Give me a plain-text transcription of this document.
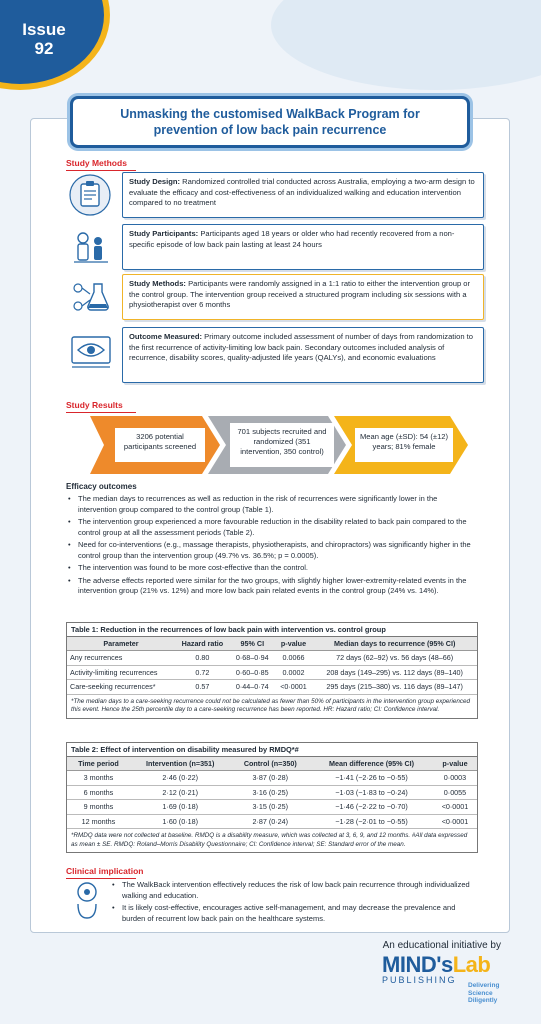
Issue
92
Unmasking the customised WalkBack Program for prevention of low back pain recurrence
Study Methods
Study Design: Randomized controlled trial conducted across Australia, employing a two-arm design to evaluate the efficacy and cost-effectiveness of an individualized walking and education intervention compared to no treatment
Study Participants: Participants aged 18 years or older who had recently recovered from a non-specific episode of low back pain lasting at least 24 hours
Study Methods: Participants were randomly assigned in a 1:1 ratio to either the intervention group or the control group. The intervention group received a structured program including six sessions with a physiotherapist over 6 months
Outcome Measured: Primary outcome included assessment of number of days from randomization to the first recurrence of activity-limiting low back pain. Secondary outcomes included analysis of recurrence, disability scores, quality-adjusted life years (QALYs), and economic evaluations
Study Results
3206 potential participants screened
701 subjects recruited and randomized (351 intervention, 350 control)
Mean age (±SD): 54 (±12) years; 81% female
Efficacy outcomes
• The median days to recurrences as well as reduction in the risk of recurrences were significantly lower in the intervention group compared to the control group (Table 1).
• The intervention group experienced a more favourable reduction in the disability related to back pain compared to the control group at all the assessment periods (Table 2).
• Need for co-interventions (e.g., massage therapists, physiotherapists, and chiropractors) was significantly higher in the control group than the intervention group (49.7% vs. 36.5%; p = 0.0005).
• The intervention was found to be more cost-effective than the control.
• The adverse effects reported were similar for the two groups, with slightly higher lower-extremity-related events in the intervention group (21% vs. 12%) and more low back pain related events in the control group (24% vs. 14%).
Table 1: Reduction in the recurrences of low back pain with intervention vs. control group
Parameter	Hazard ratio	95% CI	p-value	Median days to recurrence (95% CI)
Any recurrences	0.80	0·68–0·94	0.0066	72 days (62–92) vs. 56 days (48–66)
Activity-limiting recurrences	0.72	0·60–0·85	0.0002	208 days (149–295) vs. 112 days (89–140)
Care-seeking recurrences*	0.57	0·44–0·74	<0·0001	295 days (215–380) vs. 116 days (89–147)
*The median days to a care-seeking recurrence could not be calculated as fewer than 50% of participants in the intervention group experienced this event. Hence the 25th percentile day to a care-seeking recurrence has been reported. HR: Hazard ratio; CI: Confidence interval.
Table 2: Effect of intervention on disability measured by RMDQ*#
Time period	Intervention (n=351)	Control (n=350)	Mean difference (95% CI)	p-value
3 months	2·46 (0·22)	3·87 (0·28)	−1·41 (−2·26 to −0·55)	0·0003
6 months	2·12 (0·21)	3·16 (0·25)	−1·03 (−1·83 to −0·24)	0·0055
9 months	1·69 (0·18)	3·15 (0·25)	−1·46 (−2·22 to −0·70)	<0·0001
12 months	1·60 (0·18)	2·87 (0·24)	−1·28 (−2·01 to −0·55)	<0·0001
*RMDQ data were not collected at baseline. RMDQ is a disability measure, which was collected at 3, 6, 9, and 12 months. #All data expressed as mean ± SE. RMDQ: Roland–Morris Disability Questionnaire; CI: Confidence interval; SE: Standard error of the mean.
Clinical implication
• The WalkBack intervention effectively reduces the risk of low back pain recurrence through individualized walking and education.
• It is likely cost-effective, encourages active self-management, and may decrease the prevalence and burden of recurrent low back pain on the healthcare systems.
An educational initiative by
MIND'sLab
PUBLISHING
Delivering
Science
Diligently
